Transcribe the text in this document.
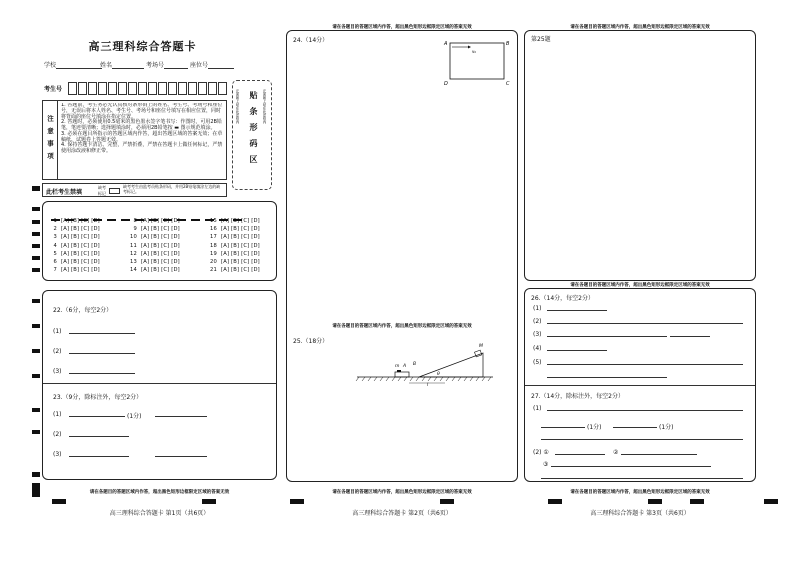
高三理科综合答题卡
学校	姓名	考场号	座位号
考生号
注意事项
1. 答题前，考生务必先认真核对条形码上的姓名、考生号、考场号和座位号，无误后将本人姓名、考生号、考场号和座位号填写在相应位置，同时将背面的座位号填涂在指定位置。
2. 答题时，必须使用0.5毫米的黑色墨水签字笔书写：作图时，可用2B铅笔，笔迹要清晰；选择题填涂时，必须用2B铅笔按 ▬ 图示规范填涂。
3. 必须在题目所指示的答题区域内作答，超出答题区域的答案无效；在草稿纸、试题卷上答题无效。
4. 保持答题卡清洁、完整，严禁折叠，严禁在答题卡上做任何标记，严禁使用涂改液和修正带。	贴条形码区
正面朝上贴在此虚框内	正面朝上贴在此虚框内
此栏考生禁填
缺考标记
缺考考生由监考员贴条形码，并用2B铅笔填涂左边的缺考标记。
1 [A] [B] [C] [D]	8 [A] [B] [C] [D]	15 [A] [B] [C] [D]
2 [A] [B] [C] [D]	9 [A] [B] [C] [D]	16 [A] [B] [C] [D]
3 [A] [B] [C] [D]	10 [A] [B] [C] [D]	17 [A] [B] [C] [D]
4 [A] [B] [C] [D]	11 [A] [B] [C] [D]	18 [A] [B] [C] [D]
5 [A] [B] [C] [D]	12 [A] [B] [C] [D]	19 [A] [B] [C] [D]
6 [A] [B] [C] [D]	13 [A] [B] [C] [D]	20 [A] [B] [C] [D]
7 [A] [B] [C] [D]	14 [A] [B] [C] [D]	21 [A] [B] [C] [D]
22.（6分，每空2分）
(1)
(2)
(3)
23.（9分，除标注外，每空2分）
(1)	(1分)
(2)
(3)
请在各题目的答题区域内作答，超出黑色矩形边框限定区域的答案无效
高三理科综合答题卡 第1页（共6页）
请在各题目的答题区域内作答，超出黑色矩形边框限定区域的答案无效
24.（14分）	A	B
D	C
v₀
请在各题目的答题区域内作答，超出黑色矩形边框限定区域的答案无效
25.（18分）
m A B
M
l
θ
请在各题目的答题区域内作答，超出黑色矩形边框限定区域的答案无效
高三理科综合答题卡 第2页（共6页）
请在各题目的答题区域内作答，超出黑色矩形边框限定区域的答案无效
第25题
请在各题目的答题区域内作答，超出黑色矩形边框限定区域的答案无效
26.（14分，每空2分）
(1)
(2)
(3)
(4)
(5)
27.（14分，除标注外，每空2分）
(1)
(1分)	(1分)
(2) ①	②
③
请在各题目的答题区域内作答，超出黑色矩形边框限定区域的答案无效
高三理科综合答题卡 第3页（共6页）
